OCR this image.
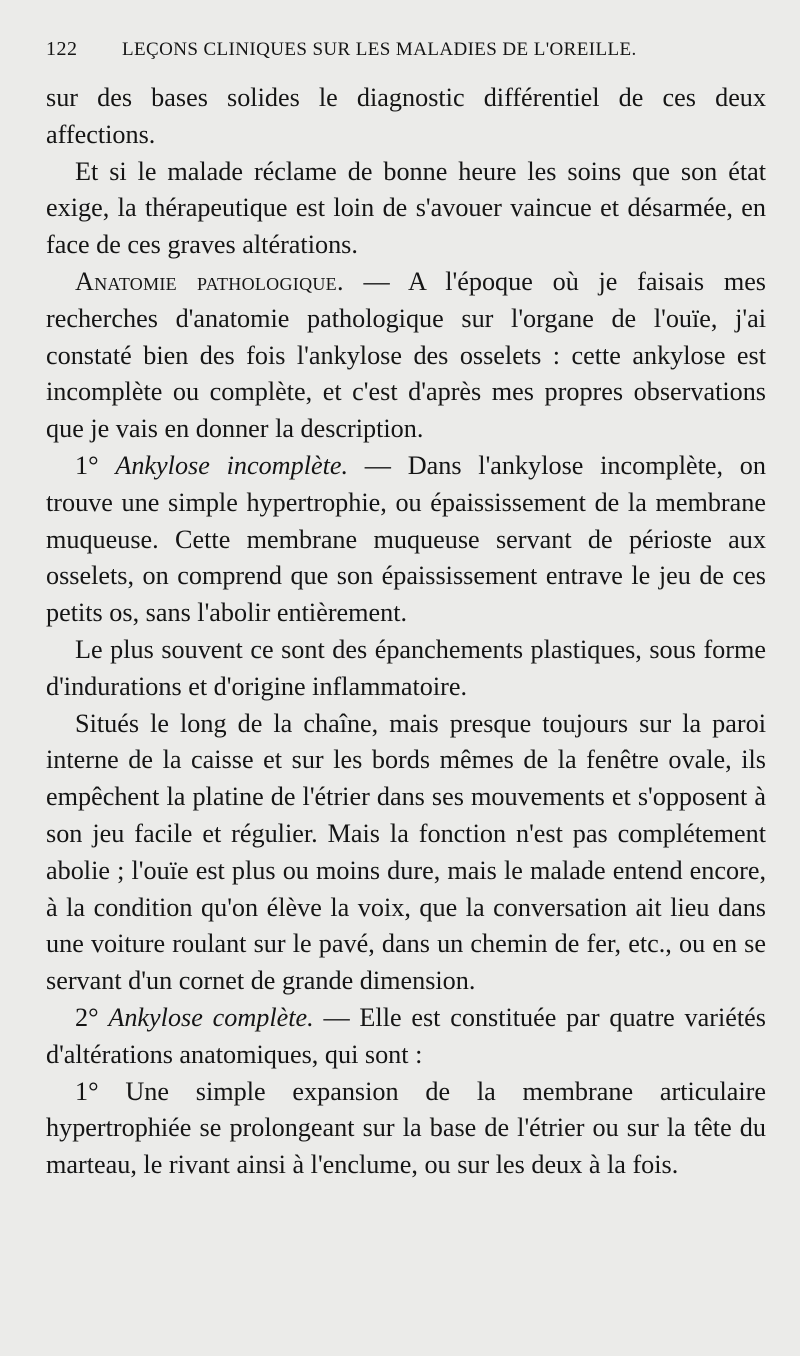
122	LEÇONS CLINIQUES SUR LES MALADIES DE L'OREILLE.

sur des bases solides le diagnostic différentiel de ces deux affections.

Et si le malade réclame de bonne heure les soins que son état exige, la thérapeutique est loin de s'avouer vaincue et désarmée, en face de ces graves altérations.

Anatomie pathologique. — A l'époque où je faisais mes recherches d'anatomie pathologique sur l'organe de l'ouïe, j'ai constaté bien des fois l'ankylose des osselets : cette ankylose est incomplète ou complète, et c'est d'après mes propres observations que je vais en donner la description.

1° Ankylose incomplète. — Dans l'ankylose incomplète, on trouve une simple hypertrophie, ou épaississement de la membrane muqueuse. Cette membrane muqueuse servant de périoste aux osselets, on comprend que son épaississement entrave le jeu de ces petits os, sans l'abolir entièrement.

Le plus souvent ce sont des épanchements plastiques, sous forme d'indurations et d'origine inflammatoire.

Situés le long de la chaîne, mais presque toujours sur la paroi interne de la caisse et sur les bords mêmes de la fenêtre ovale, ils empêchent la platine de l'étrier dans ses mouvements et s'opposent à son jeu facile et régulier. Mais la fonction n'est pas complétement abolie ; l'ouïe est plus ou moins dure, mais le malade entend encore, à la condition qu'on élève la voix, que la conversation ait lieu dans une voiture roulant sur le pavé, dans un chemin de fer, etc., ou en se servant d'un cornet de grande dimension.

2° Ankylose complète. — Elle est constituée par quatre variétés d'altérations anatomiques, qui sont :

1° Une simple expansion de la membrane articulaire hypertrophiée se prolongeant sur la base de l'étrier ou sur la tête du marteau, le rivant ainsi à l'enclume, ou sur les deux à la fois.
